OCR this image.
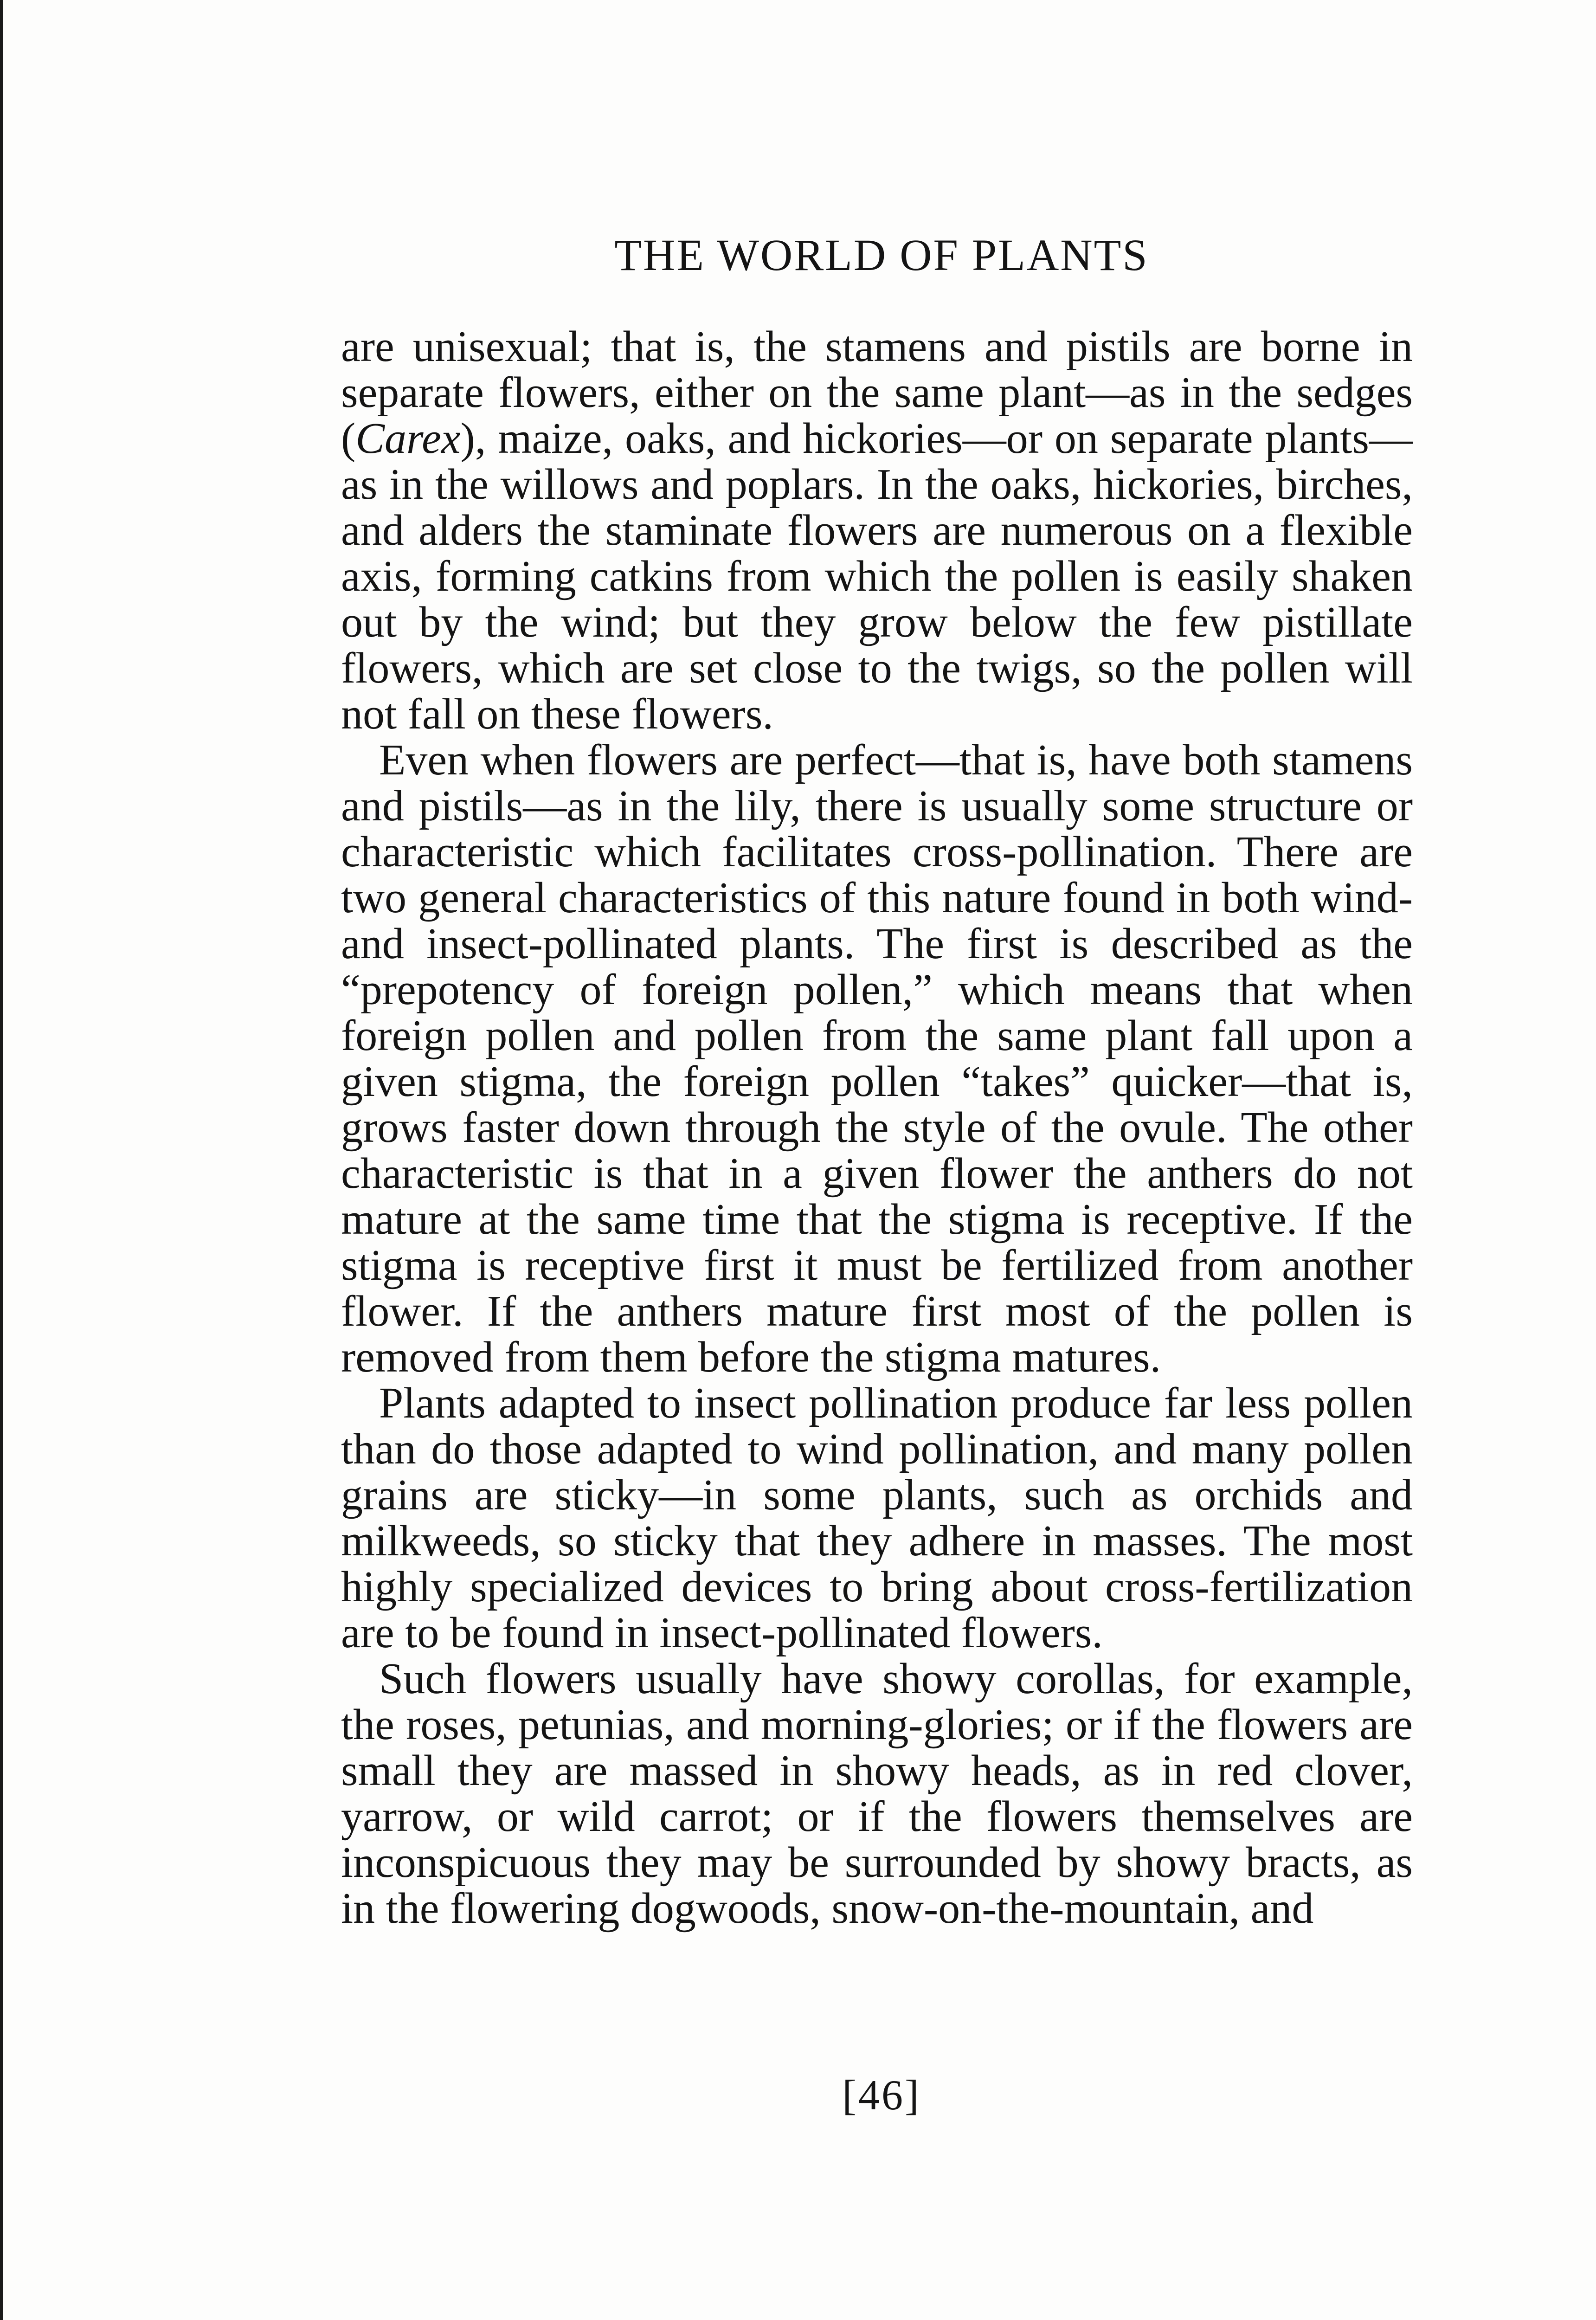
THE WORLD OF PLANTS

are unisexual; that is, the stamens and pistils are borne in separate flowers, either on the same plant—as in the sedges (Carex), maize, oaks, and hickories—or on separate plants—as in the willows and poplars. In the oaks, hickories, birches, and alders the staminate flowers are numerous on a flexible axis, forming catkins from which the pollen is easily shaken out by the wind; but they grow below the few pistillate flowers, which are set close to the twigs, so the pollen will not fall on these flowers.

Even when flowers are perfect—that is, have both stamens and pistils—as in the lily, there is usually some structure or characteristic which facilitates cross-pollination. There are two general characteristics of this nature found in both wind- and insect-pollinated plants. The first is described as the “prepotency of foreign pollen,” which means that when foreign pollen and pollen from the same plant fall upon a given stigma, the foreign pollen “takes” quicker—that is, grows faster down through the style of the ovule. The other characteristic is that in a given flower the anthers do not mature at the same time that the stigma is receptive. If the stigma is receptive first it must be fertilized from another flower. If the anthers mature first most of the pollen is removed from them before the stigma matures.

Plants adapted to insect pollination produce far less pollen than do those adapted to wind pollination, and many pollen grains are sticky—in some plants, such as orchids and milkweeds, so sticky that they adhere in masses. The most highly specialized devices to bring about cross-fertilization are to be found in insect-pollinated flowers.

Such flowers usually have showy corollas, for example, the roses, petunias, and morning-glories; or if the flowers are small they are massed in showy heads, as in red clover, yarrow, or wild carrot; or if the flowers themselves are inconspicuous they may be surrounded by showy bracts, as in the flowering dogwoods, snow-on-the-mountain, and

[46]
